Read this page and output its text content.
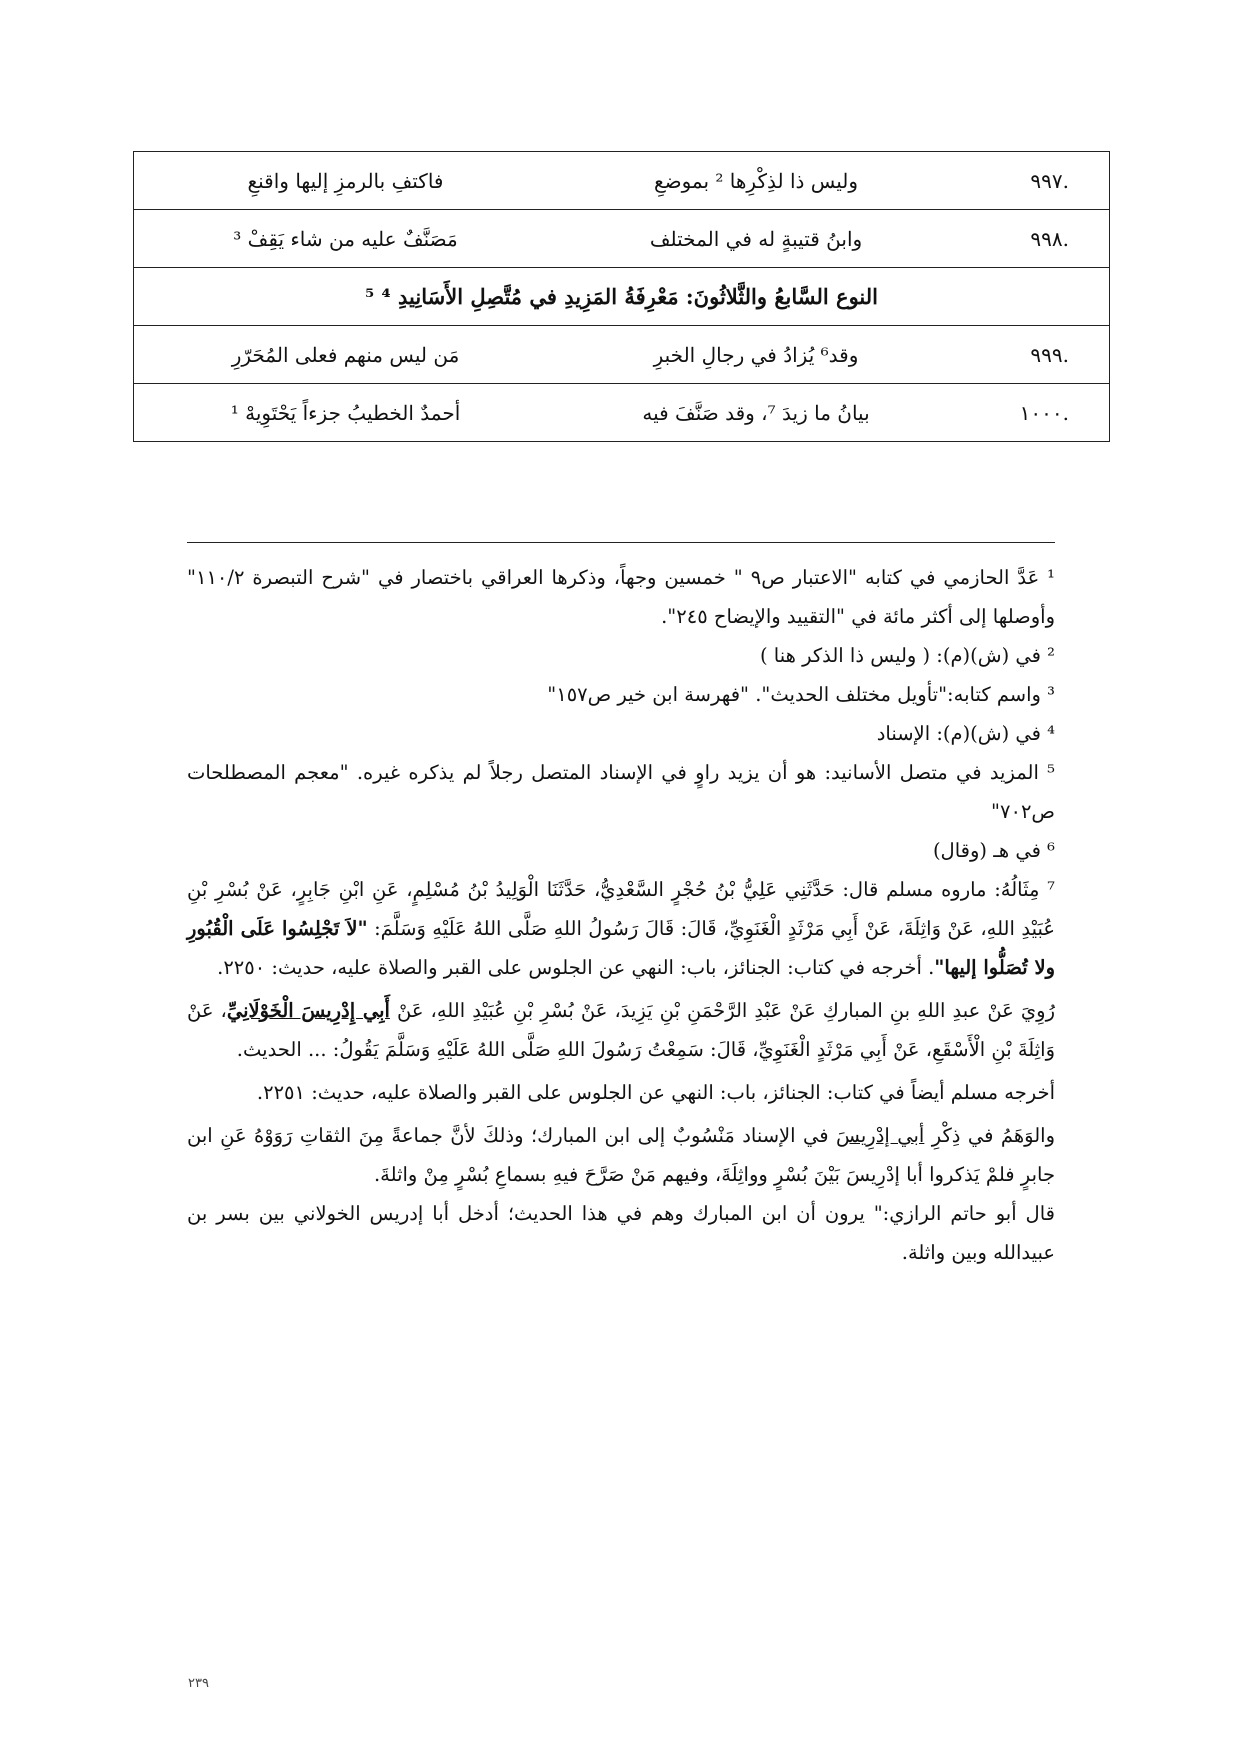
.٩٩٧	وليس ذا لذِكْرِها ² بموضعِ	فاكتفِ بالرمزِ إليها واقنعِ
.٩٩٨	وابنُ قتيبةٍ له في المختلف	مَصَنَّفٌ عليه من شاء يَقِفْ ³
النوع السَّابعُ والثَّلاثُونَ: مَعْرِفَةُ المَزِيدِ في مُتَّصِلِ الأَسَانِيدِ ⁴ ⁵		
.٩٩٩	وقد⁶ يُزادُ في رجالِ الخبرِ	مَن ليس منهم فعلى المُحَرّرِ
.١٠٠٠	بيانُ ما زيدَ ⁷، وقد صَنَّفَ فيه	أحمدٌ الخطيبُ جزءاً يَحْتَوِيهْ ¹

¹ عَدَّ الحازمي في كتابه "الاعتبار ص٩ " خمسين وجهاً، وذكرها العراقي باختصار في "شرح التبصرة ١١٠/٢" وأوصلها إلى أكثر مائة في "التقييد والإيضاح ٢٤٥".

² في (ش)(م): ( وليس ذا الذكر هنا )

³ واسم كتابه:"تأويل مختلف الحديث". "فهرسة ابن خير ص١٥٧"

⁴ في (ش)(م): الإسناد

⁵ المزيد في متصل الأسانيد: هو أن يزيد راوٍ في الإسناد المتصل رجلاً لم يذكره غيره. "معجم المصطلحات ص٧٠٢"

⁶ في هـ (وقال)

⁷ مِثَالُهُ: ماروه مسلم قال: حَدَّثَنِي عَلِيُّ بْنُ حُجْرٍ السَّعْدِيُّ، حَدَّثَنَا الْوَلِيدُ بْنُ مُسْلِمٍ، عَنِ ابْنِ جَابِرٍ، عَنْ بُسْرِ بْنِ عُبَيْدِ اللهِ، عَنْ وَاثِلَةَ، عَنْ أَبِي مَرْثَدٍ الْغَنَوِيِّ، قَالَ: قَالَ رَسُولُ اللهِ صَلَّى اللهُ عَلَيْهِ وَسَلَّمَ: "لاَ تَجْلِسُوا عَلَى الْقُبُورِ ولا تُصَلُّوا إليها". أخرجه في كتاب: الجنائز، باب: النهي عن الجلوس على القبر والصلاة عليه، حديث: ٢٢٥٠.

رُوِيَ عَنْ عبدِ اللهِ بنِ المباركِ عَنْ عَبْدِ الرَّحْمَنِ بْنِ يَزِيدَ، عَنْ بُسْرِ بْنِ عُبَيْدِ اللهِ، عَنْ أَبِي إِدْرِيسَ الْخَوْلَانِيِّ، عَنْ وَاثِلَةَ بْنِ الْأَسْقَعِ، عَنْ أَبِي مَرْثَدٍ الْغَنَوِيِّ، قَالَ: سَمِعْتُ رَسُولَ اللهِ صَلَّى اللهُ عَلَيْهِ وَسَلَّمَ يَقُولُ: ... الحديث.

أخرجه مسلم أيضاً في كتاب: الجنائز، باب: النهي عن الجلوس على القبر والصلاة عليه، حديث: ٢٢٥١.

والوَهَمُ في ذِكْرِ أبي إدْرِيسَ في الإسناد مَنْسُوبٌ إلى ابن المبارك؛ وذلكَ لأنَّ جماعةً مِنَ الثقاتِ رَوَوْهُ عَنِ ابن جابرٍ فلمْ يَذكروا أبا إدْرِيسَ بَيْنَ بُسْرٍ وواثِلَةَ، وفيهم مَنْ صَرَّحَ فيهِ بسماعِ بُسْرٍ مِنْ واثلةَ.

قال أبو حاتم الرازي:" يرون أن ابن المبارك وهم في هذا الحديث؛ أدخل أبا إدريس الخولاني بين بسر بن عبيدالله وبين واثلة.

٢٣٩
